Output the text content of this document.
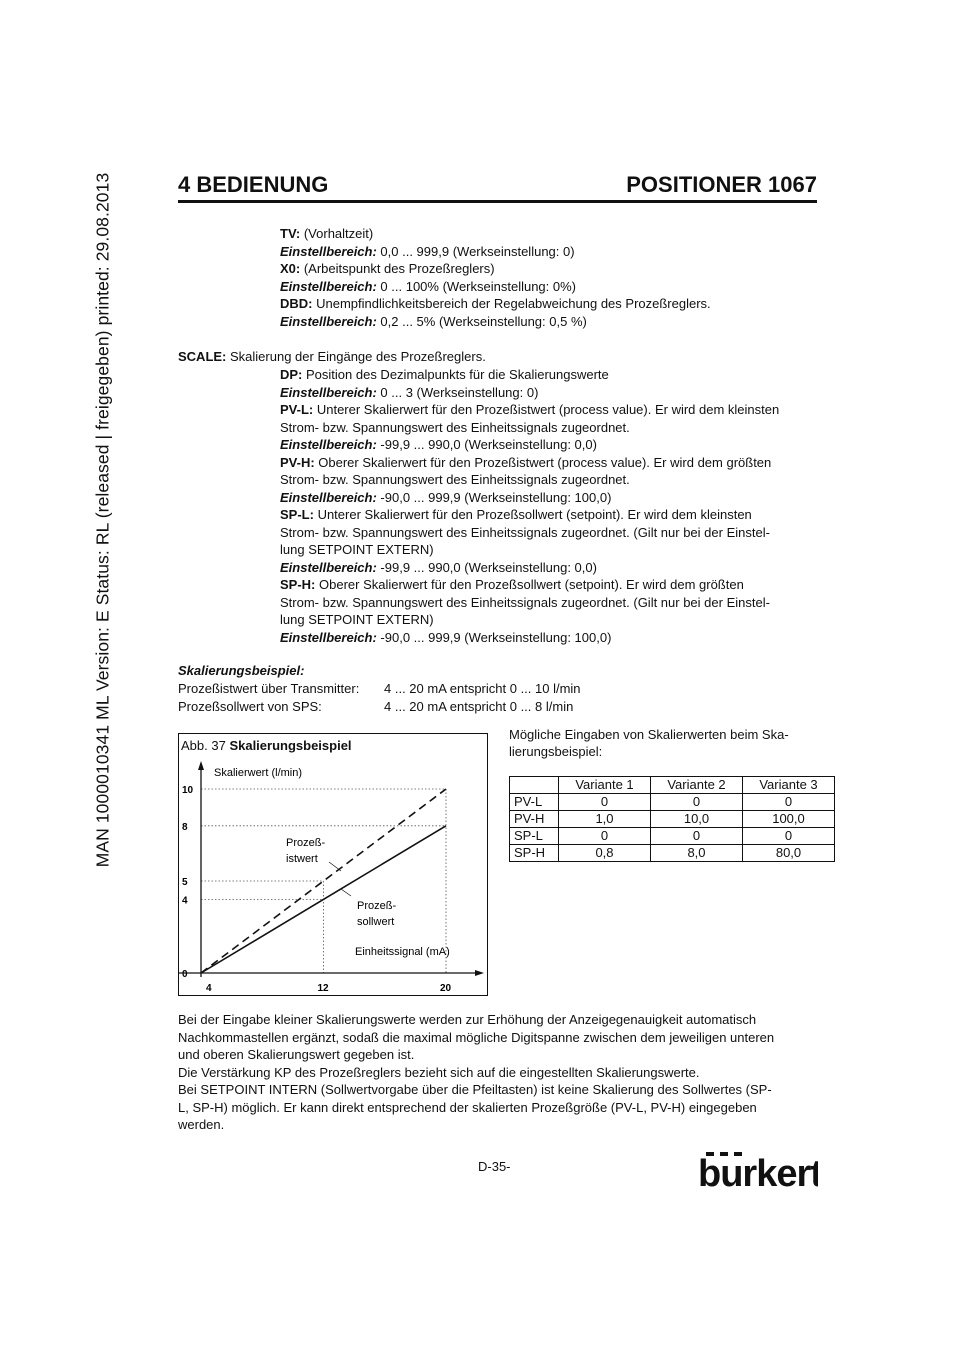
MAN 1000010341 ML Version: E Status: RL (released | freigegeben) printed: 29.08.2013	4 BEDIENUNG	POSITIONER 1067
TV: (Vorhaltzeit)
Einstellbereich: 0,0 ... 999,9 (Werkseinstellung: 0)
X0: (Arbeitspunkt des Prozeßreglers)
Einstellbereich: 0 ... 100% (Werkseinstellung: 0%)
DBD: Unempfindlichkeitsbereich der Regelabweichung des Prozeßreglers.
Einstellbereich: 0,2 ... 5% (Werkseinstellung: 0,5 %)
SCALE: Skalierung der Eingänge des Prozeßreglers.
DP: Position des Dezimalpunkts für die Skalierungswerte
Einstellbereich: 0 ... 3 (Werkseinstellung: 0)
PV-L: Unterer Skalierwert für den Prozeßistwert (process value). Er wird dem kleinsten
Strom- bzw. Spannungswert des Einheitssignals zugeordnet.
Einstellbereich: -99,9 ... 990,0 (Werkseinstellung: 0,0)
PV-H: Oberer Skalierwert für den Prozeßistwert (process value). Er wird dem größten
Strom- bzw. Spannungswert des Einheitssignals zugeordnet.
Einstellbereich: -90,0 ... 999,9 (Werkseinstellung: 100,0)
SP-L: Unterer Skalierwert für den Prozeßsollwert (setpoint). Er wird dem kleinsten
Strom- bzw. Spannungswert des Einheitssignals zugeordnet. (Gilt nur bei der Einstel-
lung SETPOINT EXTERN)
Einstellbereich: -99,9 ... 990,0 (Werkseinstellung: 0,0)
SP-H: Oberer Skalierwert für den Prozeßsollwert (setpoint). Er wird dem größten
Strom- bzw. Spannungswert des Einheitssignals zugeordnet. (Gilt nur bei der Einstel-
lung SETPOINT EXTERN)
Einstellbereich: -90,0 ... 999,9 (Werkseinstellung: 100,0)
Skalierungsbeispiel:
Prozeßistwert über Transmitter: 4 ... 20 mA entspricht 0 ... 10 l/min
Prozeßsollwert von SPS:	4 ... 20 mA entspricht 0 ... 8 l/min
Abb. 37 Skalierungsbeispiel
0
4
5
8
10
4	12	20
Skalierwert (l/min)
Einheitssignal (mA)
Prozeß-
istwert
Prozeß-
sollwert
Mögliche Eingaben von Skalierwerten beim Ska-
lierungsbeispiel:
	Variante 1	Variante 2	Variante 3
PV-L	0	0	0
PV-H	1,0	10,0	100,0
SP-L	0	0	0
SP-H	0,8	8,0	80,0
Bei der Eingabe kleiner Skalierungswerte werden zur Erhöhung der Anzeigegenauigkeit automatisch
Nachkommastellen ergänzt, sodaß die maximal mögliche Digitspanne zwischen dem jeweiligen unteren
und oberen Skalierungswert gegeben ist.
Die Verstärkung KP des Prozeßreglers bezieht sich auf die eingestellten Skalierungswerte.
Bei SETPOINT INTERN (Sollwertvorgabe über die Pfeiltasten) ist keine Skalierung des Sollwertes (SP-
L, SP-H) möglich. Er kann direkt entsprechend der skalierten Prozeßgröße (PV-L, PV-H) eingegeben
werden.
D-35-	burkert
